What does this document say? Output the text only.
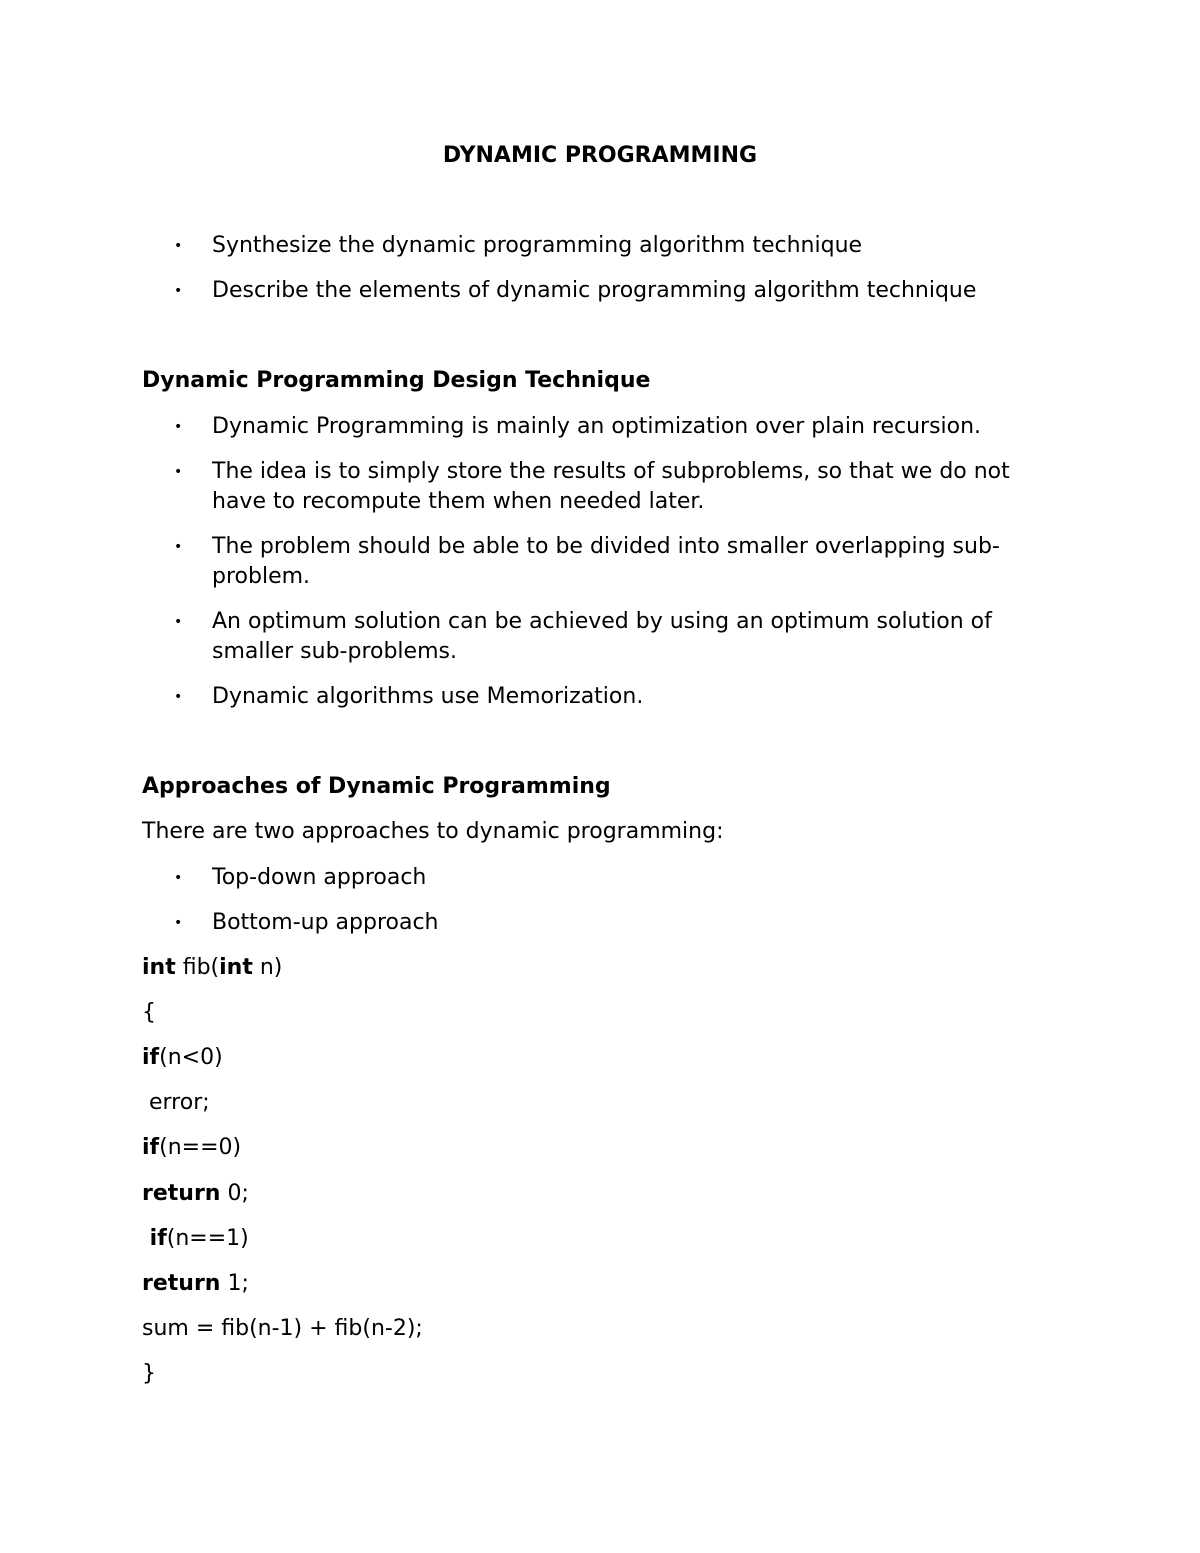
DYNAMIC PROGRAMMING
• Synthesize the dynamic programming algorithm technique
• Describe the elements of dynamic programming algorithm technique
Dynamic Programming Design Technique
• Dynamic Programming is mainly an optimization over plain recursion.
• The idea is to simply store the results of subproblems, so that we do not have to recompute them when needed later.
• The problem should be able to be divided into smaller overlapping sub-problem.
• An optimum solution can be achieved by using an optimum solution of smaller sub-problems.
• Dynamic algorithms use Memorization.
Approaches of Dynamic Programming
There are two approaches to dynamic programming:
• Top-down approach
• Bottom-up approach
int fib(int n)
{
if(n<0)
error;
if(n==0)
return 0;
if(n==1)
return 1;
sum = fib(n-1) + fib(n-2);
}
